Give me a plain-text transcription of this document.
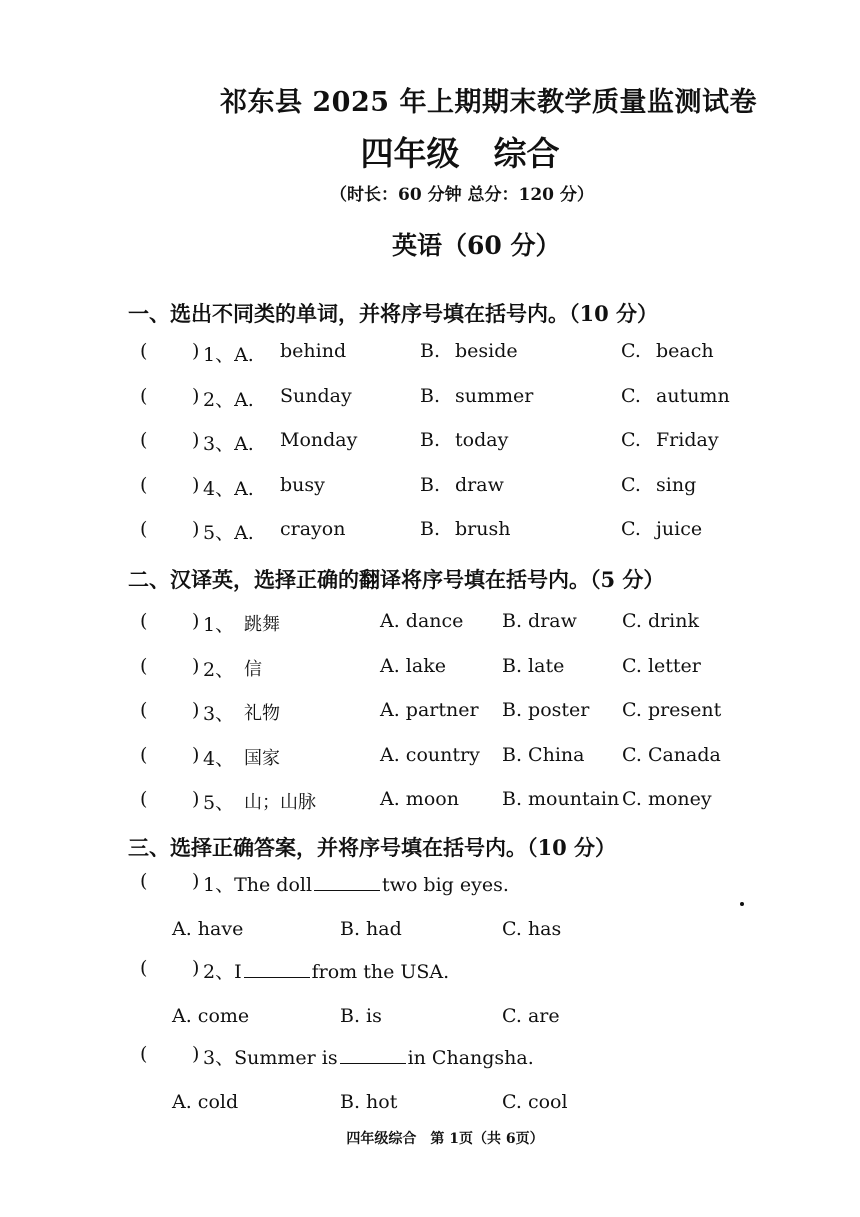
祁东县 2025 年上期期末教学质量监测试卷
四年级 综合
（时长：60 分钟 总分：120 分）
英语（60 分）
一、选出不同类的单词，并将序号填在括号内。（10 分）
二、汉译英，选择正确的翻译将序号填在括号内。（5 分）
三、选择正确答案，并将序号填在括号内。（10 分）
四年级综合　第 1页（共 6页）
( ) 1、A. behind	B. beside	C. beach
( ) 2、A. Sunday	B. summer	C. autumn
( ) 3、A. Monday	B. today	C. Friday
( ) 4、A. busy	B. draw	C. sing
( ) 5、A. crayon	B. brush	C. juice
( ) 1、 跳舞	A. dance B. draw C. drink
( ) 2、 信	A. lake	B. late	C. letter
( ) 3、 礼物	A. partner B. poster C. present
( ) 4、 国家	A. country B. China C. Canada
( ) 5、 山；山脉	A. moon B. mountain C. money
( ) 1、The doll	two big eyes.
A. have	B. had	C. has
( ) 2、I	from the USA.
A. come	B. is	C. are
( ) 3、Summer is	in Changsha.
A. cold	B. hot	C. cool
